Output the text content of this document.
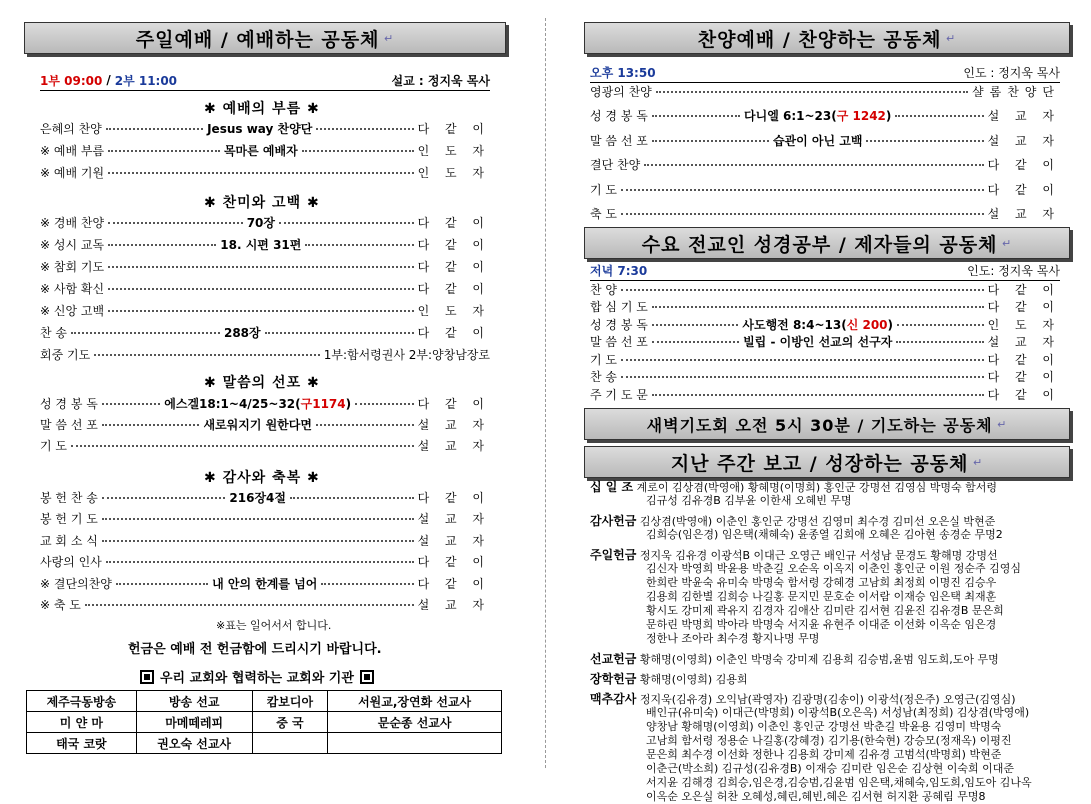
주일예배 / 예배하는 공동체 ↵
1부 09:00 / 2부 11:00	설교 : 정지욱 목사
✱ 예배의 부름 ✱
✱ 찬미와 고백 ✱
✱ 말씀의 선포 ✱
✱ 감사와 축복 ✱
※표는 일어서서 합니다.
헌금은 예배 전 헌금함에 드리시기 바랍니다.
우리 교회와 협력하는 교회와 기관
제주극동방송	방송 선교	캄보디아	서원교,장연화 선교사
미 얀 마	마메떼레피	중 국	문순종 선교사
태국 코랏	권오숙 선교사		
찬양예배 / 찬양하는 공동체 ↵
오후 13:50	인도 : 정지욱 목사
수요 전교인 성경공부 / 제자들의 공동체 ↵
저녁 7:30	인도: 정지욱 목사
새벽기도회 오전 5시 30분 / 기도하는 공동체 ↵
지난 주간 보고 / 성장하는 공동체 ↵
은혜의 찬양	Jesus way 찬양단	다 같 이
※ 예배 부름	목마른 예배자	인 도 자
※ 예배 기원	인 도 자
※ 경배 찬양	70장	다 같 이
※ 성시 교독	18. 시편 31편	다 같 이
※ 참회 기도	다 같 이
※ 사함 확신	다 같 이
※ 신앙 고백	인 도 자
찬 송	288장	다 같 이
회중 기도	1부:함서령권사 2부:양창남장로
성 경 봉 독	에스겔18:1~4/25~32 (구1174)	다 같 이
말 씀 선 포	새로워지기 원한다면	설 교 자
기 도	설 교 자
봉 헌 찬 송	216장4절	다 같 이
봉 헌 기 도	설 교 자
교 회 소 식	설 교 자
사랑의 인사	다 같 이
※ 결단의찬양	내 안의 한계를 넘어	다 같 이
※ 축 도	설 교 자
영광의 찬양	샬롬찬양단
성 경 봉 독	다니엘 6:1~23 (구 1242)	설 교 자
말 씀 선 포	습관이 아닌 고백	설 교 자
결단 찬양	다 같 이
기 도	다 같 이
축 도	설 교 자
찬 양	다 같 이
합 심 기 도	다 같 이
성 경 봉 독	사도행전 8:4~13 (신 200)	인 도 자
말 씀 선 포	빌립 - 이방인 선교의 선구자	설 교 자
기 도	다 같 이
찬 송	다 같 이
주 기 도 문	다 같 이
십 일 조 계로이 김상겸(박영애) 황혜명(이명희) 홍인군 강명선 김영심 박명숙 함서령
김규성 김유경B 김부윤 이한새 오혜빈 무명
감사헌금 김상겸(박영애) 이춘인 홍인군 강명선 김영미 최수경 김미선 오은실 박현준
김희승(임은경) 임은택(채혜숙) 윤종열 김희애 오혜은 김아현 송경순 무명2
주일헌금 정지욱 김유경 이광석B 이대근 오영근 배인규 서성남 문경도 황해명 강명선
김신자 박영희 박윤용 박춘길 오순옥 이옥지 이춘인 홍인군 이원 정순주 김영심
한희란 박윤숙 유미숙 박명숙 함서령 강혜경 고남희 최정희 이명진 김승우
김용희 김한별 김희승 나길홍 문지민 문호순 이서람 이재승 임은택 최재훈
황시도 강미제 곽유지 김경자 김애산 김미란 김서현 김윤진 김유경B 문은희
문하린 박명희 박아라 박명숙 서지윤 유현주 이대준 이선화 이옥순 임은경
정한나 조아라 최수경 황지나명 무명
선교헌금 황해명(이영희) 이춘인 박명숙 강미제 김용희 김승범,윤범 임도희,도아 무명
장학헌금 황해명(이영희) 김용희
맥추감사 정지욱(김유경) 오익남(곽영자) 김광명(김송이) 이광석(정은주) 오영근(김영심)
배인규(유미숙) 이대근(박명희) 이광석B(오은옥) 서성남(최정희) 김상겸(박영애)
양창남 황해명(이영희) 이춘인 홍인군 강명선 박춘길 박윤용 김영미 박명숙
고남희 함서령 정용순 나길홍(강혜경) 김기용(한숙현) 강승모(정재옥) 이평진
문은희 최수경 이선화 정한나 김용희 강미제 김유경 고범석(박명희) 박현준
이춘근(박소희) 김규성(김유경B) 이재승 김미란 임은순 김상현 이숙희 이대준
서지윤 김해경 김희승,임은경,김승범,김윤범 임은택,채혜숙,임도희,임도아 김나옥
이옥순 오은실 허찬 오혜성,혜린,혜빈,혜은 김서현 허지환 공혜림 무명8
